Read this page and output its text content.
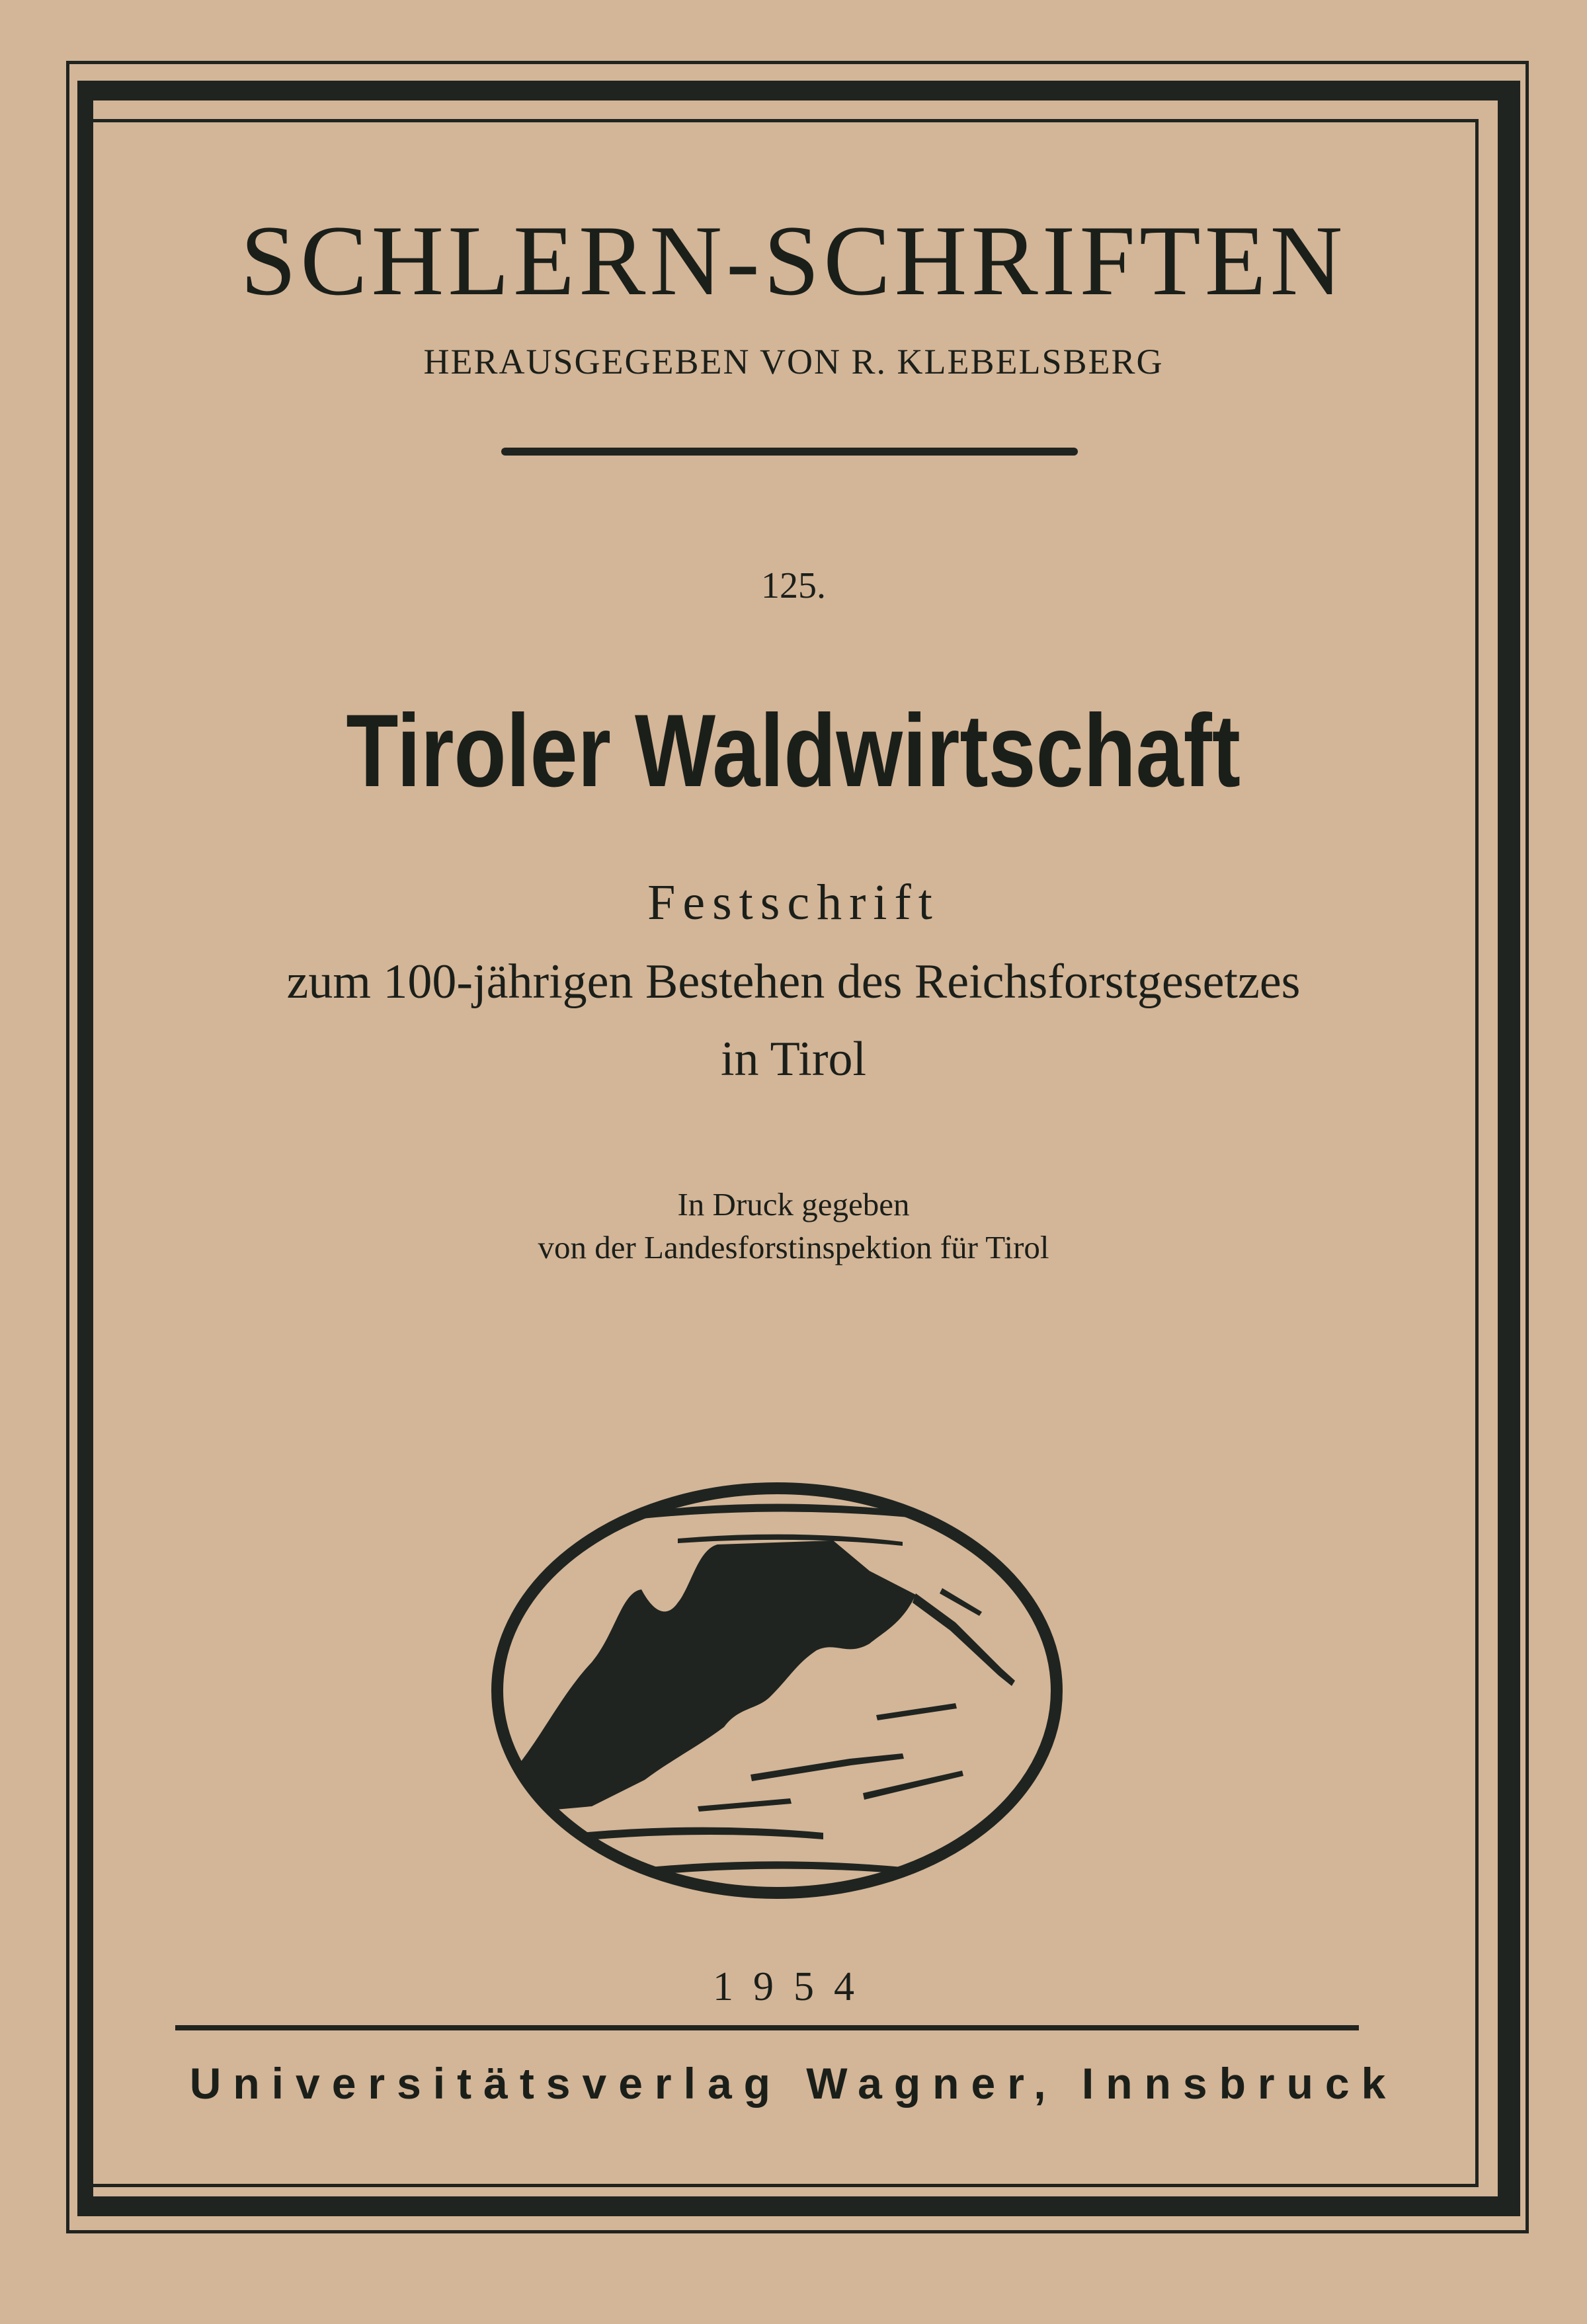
SCHLERN-SCHRIFTEN
HERAUSGEGEBEN VON R. KLEBELSBERG
125.
Tiroler Waldwirtschaft
Festschrift
zum 100-jährigen Bestehen des Reichsforstgesetzes
in Tirol
In Druck gegeben
von der Landesforstinspektion für Tirol
1954
Universitätsverlag Wagner, Innsbruck
